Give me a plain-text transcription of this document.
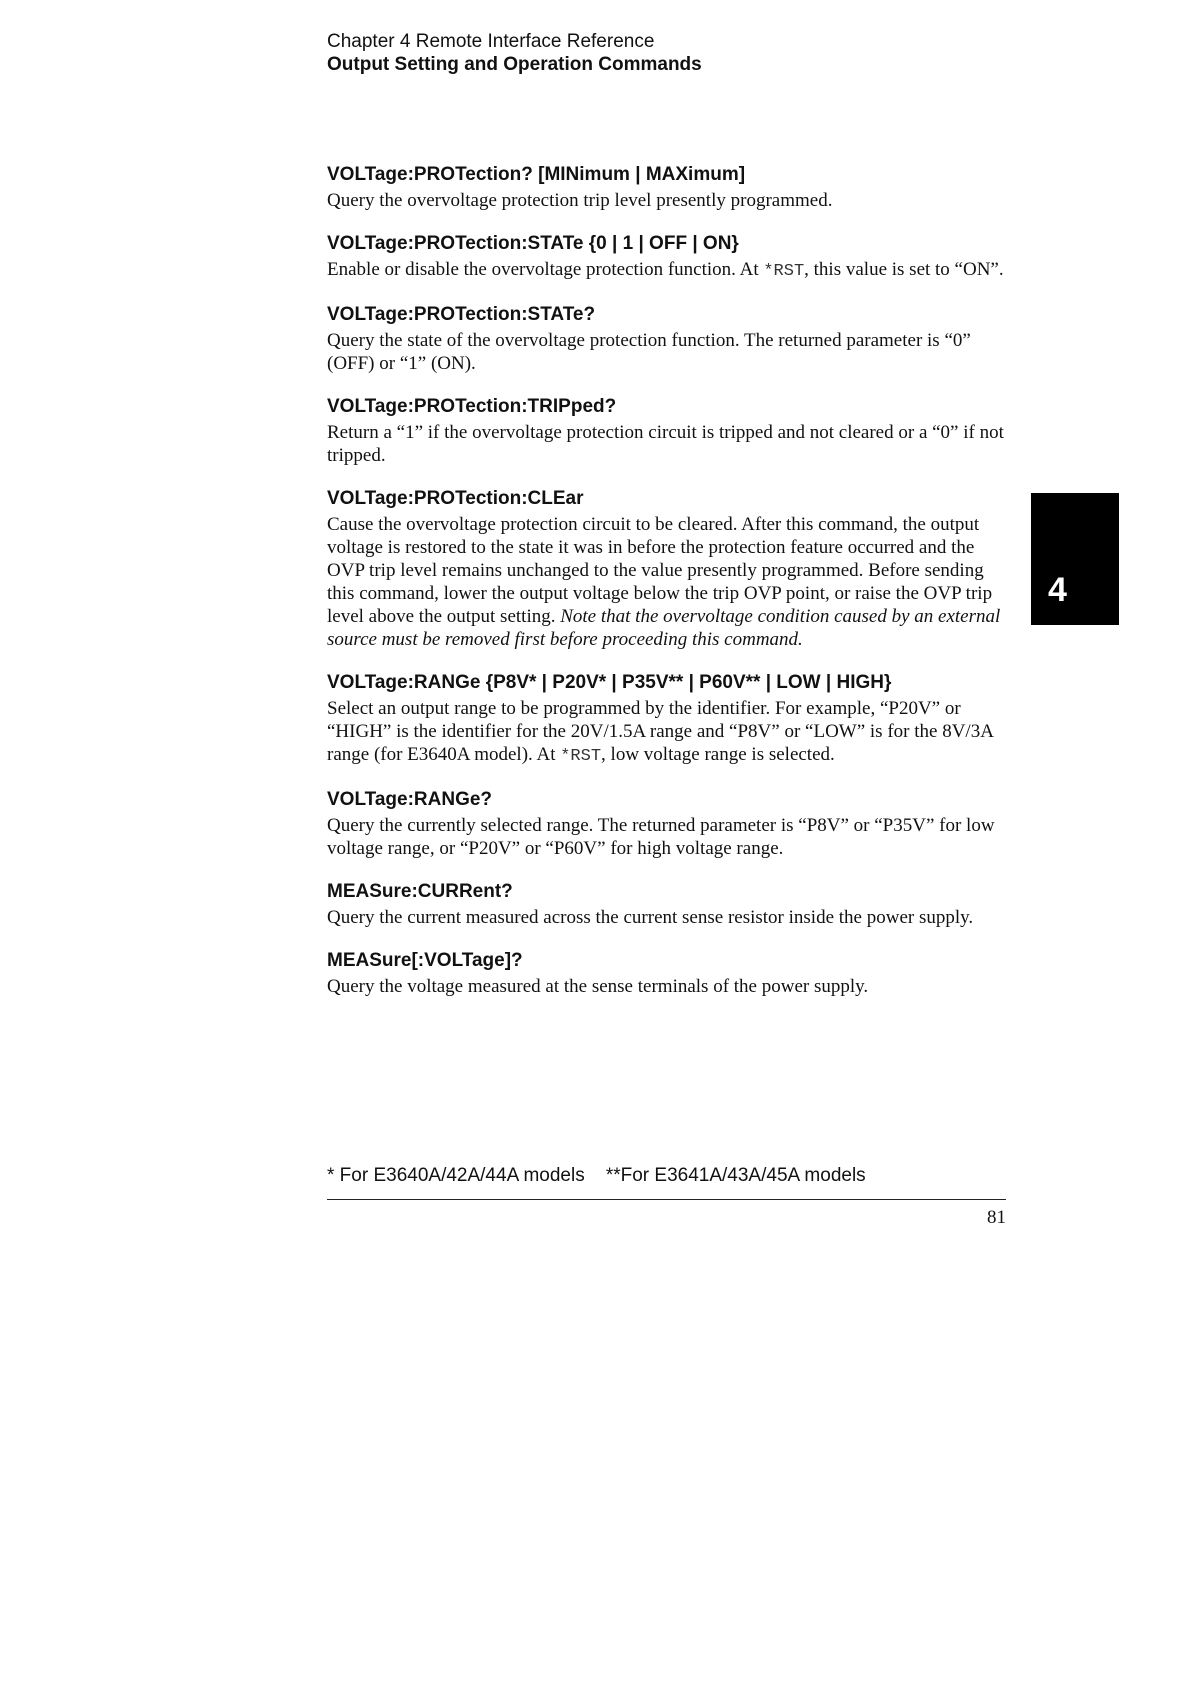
Chapter 4 Remote Interface Reference
Output Setting and Operation Commands

VOLTage:PROTection? [MINimum | MAXimum]

Query the overvoltage protection trip level presently programmed.

VOLTage:PROTection:STATe {0 | 1 | OFF | ON}

Enable or disable the overvoltage protection function. At *RST, this value is set to “ON”.

VOLTage:PROTection:STATe?

Query the state of the overvoltage protection function. The returned parameter is “0” (OFF) or “1” (ON).

VOLTage:PROTection:TRIPped?

Return a “1” if the overvoltage protection circuit is tripped and not cleared or a “0” if not tripped.

VOLTage:PROTection:CLEar

Cause the overvoltage protection circuit to be cleared. After this command, the output voltage is restored to the state it was in before the protection feature occurred and the OVP trip level remains unchanged to the value presently programmed. Before sending this command, lower the output voltage below the trip OVP point, or raise the OVP trip level above the output setting. Note that the overvoltage condition caused by an external source must be removed first before proceeding this command.

VOLTage:RANGe {P8V* | P20V* | P35V** | P60V** | LOW | HIGH}

Select an output range to be programmed by the identifier. For example, “P20V” or “HIGH” is the identifier for the 20V/1.5A range and “P8V” or “LOW” is for the 8V/3A range (for E3640A model). At *RST, low voltage range is selected.

VOLTage:RANGe?

Query the currently selected range. The returned parameter is “P8V” or “P35V” for low voltage range, or “P20V” or “P60V” for high voltage range.

MEASure:CURRent?

Query the current measured across the current sense resistor inside the power supply.

MEASure[:VOLTage]?

Query the voltage measured at the sense terminals of the power supply.

* For E3640A/42A/44A models **For E3641A/43A/45A models
81
4
